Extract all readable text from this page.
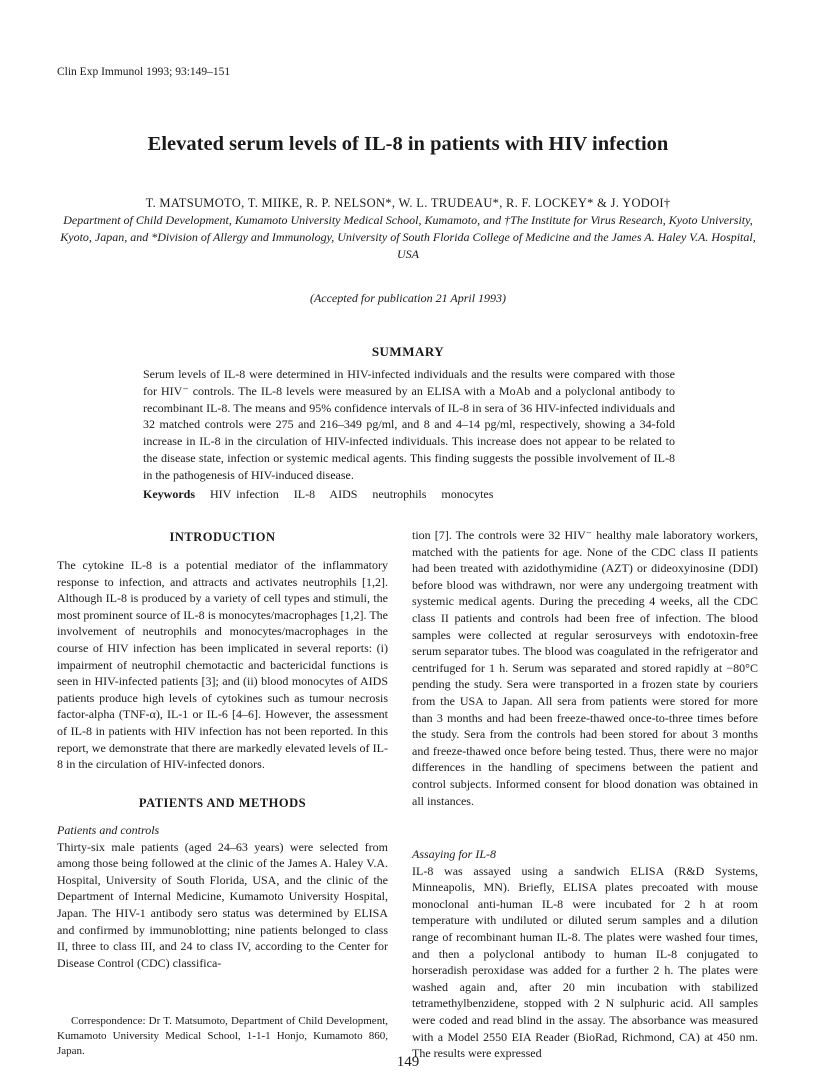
Clin Exp Immunol 1993; 93:149–151
Elevated serum levels of IL-8 in patients with HIV infection
T. MATSUMOTO, T. MIIKE, R. P. NELSON*, W. L. TRUDEAU*, R. F. LOCKEY* & J. YODOI†
Department of Child Development, Kumamoto University Medical School, Kumamoto, and †The Institute for Virus Research, Kyoto University, Kyoto, Japan, and *Division of Allergy and Immunology, University of South Florida College of Medicine and the James A. Haley V.A. Hospital, USA
(Accepted for publication 21 April 1993)
SUMMARY
Serum levels of IL-8 were determined in HIV-infected individuals and the results were compared with those for HIV⁻ controls. The IL-8 levels were measured by an ELISA with a MoAb and a polyclonal antibody to recombinant IL-8. The means and 95% confidence intervals of IL-8 in sera of 36 HIV-infected individuals and 32 matched controls were 275 and 216–349 pg/ml, and 8 and 4–14 pg/ml, respectively, showing a 34-fold increase in IL-8 in the circulation of HIV-infected individuals. This increase does not appear to be related to the disease state, infection or systemic medical agents. This finding suggests the possible involvement of IL-8 in the pathogenesis of HIV-induced disease.
Keywords HIV infection   IL-8   AIDS   neutrophils   monocytes
INTRODUCTION

The cytokine IL-8 is a potential mediator of the inflammatory response to infection, and attracts and activates neutrophils [1,2]. Although IL-8 is produced by a variety of cell types and stimuli, the most prominent source of IL-8 is monocytes/macrophages [1,2]. The involvement of neutrophils and monocytes/macrophages in the course of HIV infection has been implicated in several reports: (i) impairment of neutrophil chemotactic and bactericidal functions is seen in HIV-infected patients [3]; and (ii) blood monocytes of AIDS patients produce high levels of cytokines such as tumour necrosis factor-alpha (TNF-α), IL-1 or IL-6 [4–6]. However, the assessment of IL-8 in patients with HIV infection has not been reported. In this report, we demonstrate that there are markedly elevated levels of IL-8 in the circulation of HIV-infected donors.

PATIENTS AND METHODS

Patients and controls

Thirty-six male patients (aged 24–63 years) were selected from among those being followed at the clinic of the James A. Haley V.A. Hospital, University of South Florida, USA, and the clinic of the Department of Internal Medicine, Kumamoto University Hospital, Japan. The HIV-1 antibody sero status was determined by ELISA and confirmed by immunoblotting; nine patients belonged to class II, three to class III, and 24 to class IV, according to the Center for Disease Control (CDC) classifica-

Correspondence: Dr T. Matsumoto, Department of Child Development, Kumamoto University Medical School, 1-1-1 Honjo, Kumamoto 860, Japan.

tion [7]. The controls were 32 HIV⁻ healthy male laboratory workers, matched with the patients for age. None of the CDC class II patients had been treated with azidothymidine (AZT) or dideoxyinosine (DDI) before blood was withdrawn, nor were any undergoing treatment with systemic medical agents. During the preceding 4 weeks, all the CDC class II patients and controls had been free of infection. The blood samples were collected at regular serosurveys with endotoxin-free serum separator tubes. The blood was coagulated in the refrigerator and centrifuged for 1 h. Serum was separated and stored rapidly at −80°C pending the study. Sera were transported in a frozen state by couriers from the USA to Japan. All sera from patients were stored for more than 3 months and had been freeze-thawed once-to-three times before the study. Sera from the controls had been stored for about 3 months and freeze-thawed once before being tested. Thus, there were no major differences in the handling of specimens between the patient and control subjects. Informed consent for blood donation was obtained in all instances.

Assaying for IL-8

IL-8 was assayed using a sandwich ELISA (R&D Systems, Minneapolis, MN). Briefly, ELISA plates precoated with mouse monoclonal anti-human IL-8 were incubated for 2 h at room temperature with undiluted or diluted serum samples and a dilution range of recombinant human IL-8. The plates were washed four times, and then a polyclonal antibody to human IL-8 conjugated to horseradish peroxidase was added for a further 2 h. The plates were washed again and, after 20 min incubation with stabilized tetramethylbenzidene, stopped with 2 N sulphuric acid. All samples were coded and read blind in the assay. The absorbance was measured with a Model 2550 EIA Reader (BioRad, Richmond, CA) at 450 nm. The results were expressed

149
